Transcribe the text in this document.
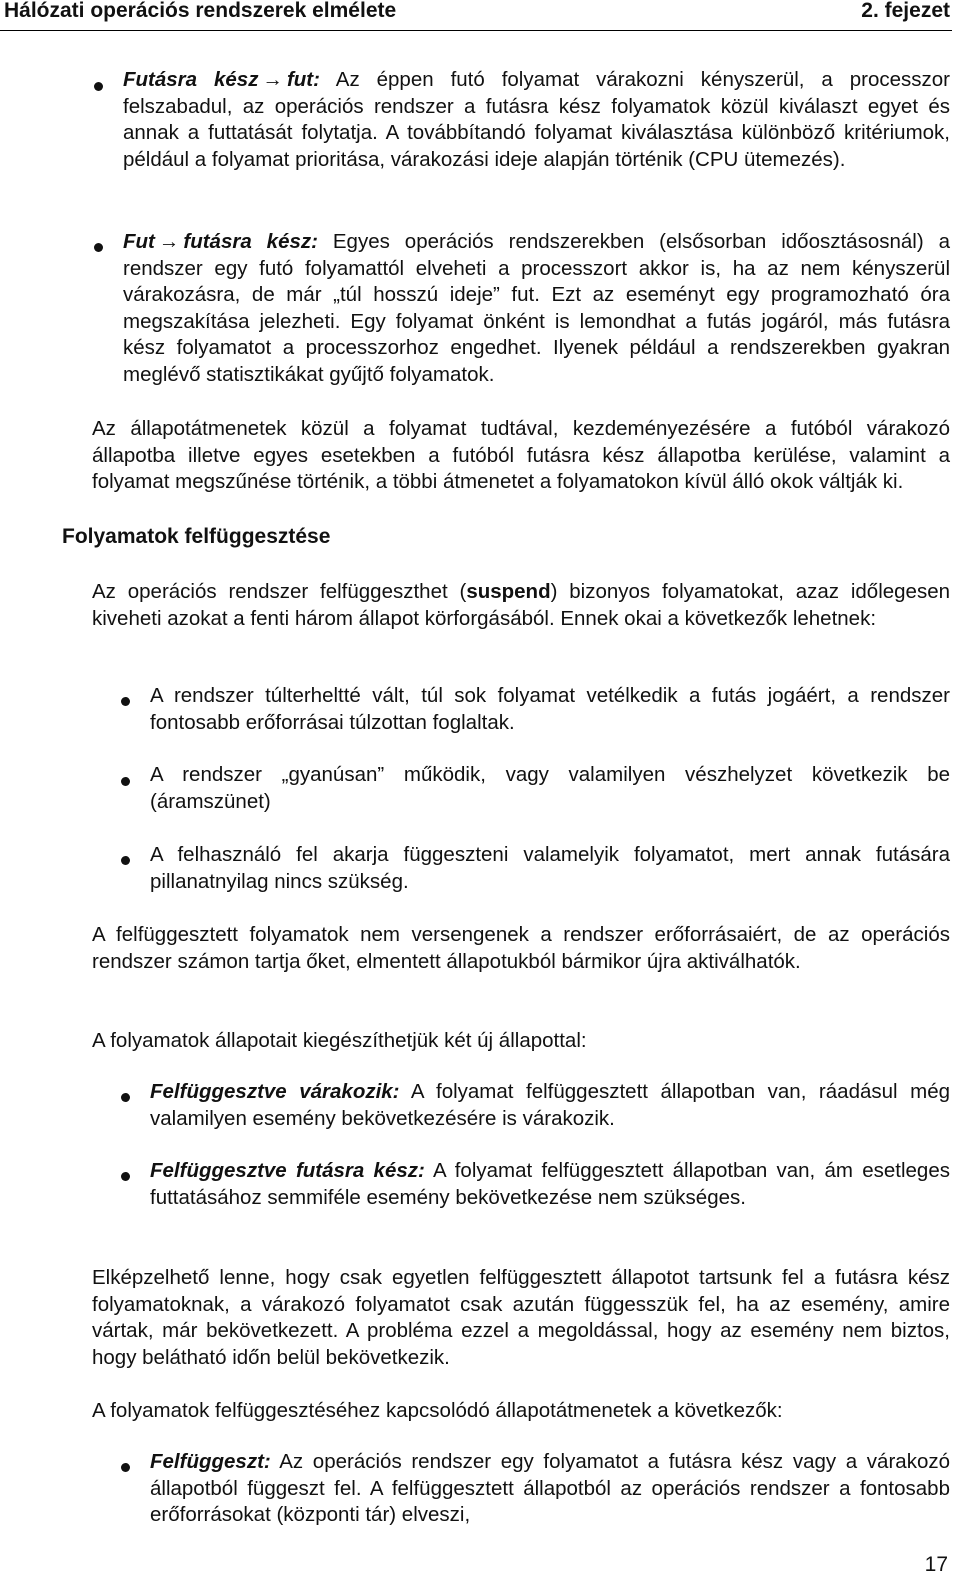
Hálózati operációs rendszerek elmélete	2. fejezet

Futásra kész → fut: Az éppen futó folyamat várakozni kényszerül, a processzor felszabadul, az operációs rendszer a futásra kész folyamatok közül kiválaszt egyet és annak a futtatását folytatja. A továbbítandó folyamat kiválasztása különböző kritériumok, például a folyamat prioritása, várakozási ideje alapján történik (CPU ütemezés).

Fut → futásra kész: Egyes operációs rendszerekben (elsősorban időosztásosnál) a rendszer egy futó folyamattól elveheti a processzort akkor is, ha az nem kényszerül várakozásra, de már „túl hosszú ideje” fut. Ezt az eseményt egy programozható óra megszakítása jelezheti. Egy folyamat önként is lemondhat a futás jogáról, más futásra kész folyamatot a processzorhoz engedhet. Ilyenek például a rendszerekben gyakran meglévő statisztikákat gyűjtő folyamatok.

Az állapotátmenetek közül a folyamat tudtával, kezdeményezésére a futóból várakozó állapotba illetve egyes esetekben a futóból futásra kész állapotba kerülése, valamint a folyamat megszűnése történik, a többi átmenetet a folyamatokon kívül álló okok váltják ki.

Folyamatok felfüggesztése

Az operációs rendszer felfüggeszthet (suspend) bizonyos folyamatokat, azaz időlegesen kiveheti azokat a fenti három állapot körforgásából. Ennek okai a következők lehetnek:

A rendszer túlterheltté vált, túl sok folyamat vetélkedik a futás jogáért, a rendszer fontosabb erőforrásai túlzottan foglaltak.

A rendszer „gyanúsan” működik, vagy valamilyen vészhelyzet következik be (áramszünet)

A felhasználó fel akarja függeszteni valamelyik folyamatot, mert annak futására pillanatnyilag nincs szükség.

A felfüggesztett folyamatok nem versengenek a rendszer erőforrásaiért, de az operációs rendszer számon tartja őket, elmentett állapotukból bármikor újra aktiválhatók.

A folyamatok állapotait kiegészíthetjük két új állapottal:

Felfüggesztve várakozik: A folyamat felfüggesztett állapotban van, ráadásul még valamilyen esemény bekövetkezésére is várakozik.

Felfüggesztve futásra kész: A folyamat felfüggesztett állapotban van, ám esetleges futtatásához semmiféle esemény bekövetkezése nem szükséges.

Elképzelhető lenne, hogy csak egyetlen felfüggesztett állapotot tartsunk fel a futásra kész folyamatoknak, a várakozó folyamatot csak azután függesszük fel, ha az esemény, amire vártak, már bekövetkezett. A probléma ezzel a megoldással, hogy az esemény nem biztos, hogy belátható időn belül bekövetkezik.

A folyamatok felfüggesztéséhez kapcsolódó állapotátmenetek a következők:

Felfüggeszt: Az operációs rendszer egy folyamatot a futásra kész vagy a várakozó állapotból függeszt fel. A felfüggesztett állapotból az operációs rendszer a fontosabb erőforrásokat (központi tár) elveszi,

17
